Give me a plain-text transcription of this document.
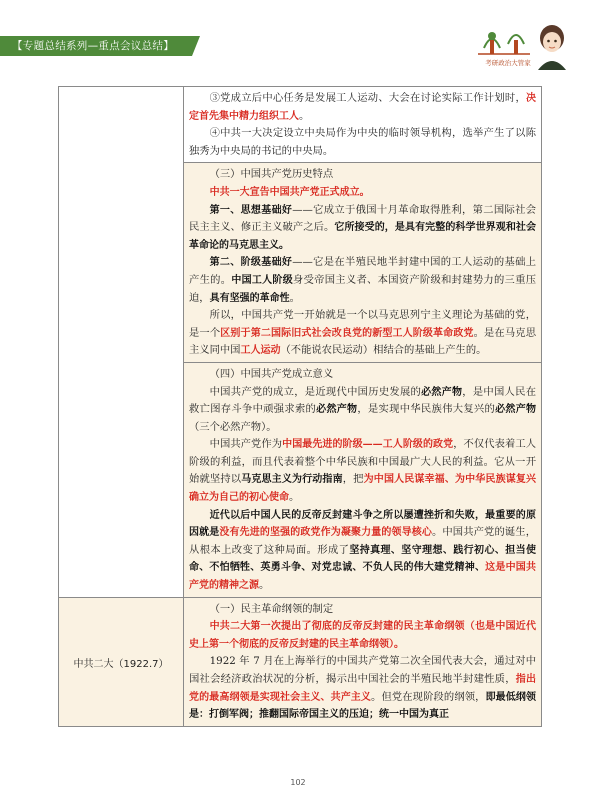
【专题总结系列—重点会议总结】
考研政治大管家

	③党成立后中心任务是发展工人运动、大会在讨论实际工作计划时，决定首先集中精力组织工人。

④中共一大决定设立中央局作为中央的临时领导机构，选举产生了以陈独秀为中央局的书记的中央局。

	（三）中国共产党历史特点

中共一大宣告中国共产党正式成立。

第一、思想基础好——它成立于俄国十月革命取得胜利，第二国际社会民主主义、修正主义破产之后。它所接受的，是具有完整的科学世界观和社会革命论的马克思主义。

第二、阶级基础好——它是在半殖民地半封建中国的工人运动的基础上产生的。中国工人阶级身受帝国主义者、本国资产阶级和封建势力的三重压迫，具有坚强的革命性。

所以，中国共产党一开始就是一个以马克思列宁主义理论为基础的党，是一个区别于第二国际旧式社会改良党的新型工人阶级革命政党。是在马克思主义同中国工人运动（不能说农民运动）相结合的基础上产生的。

	（四）中国共产党成立意义

中国共产党的成立，是近现代中国历史发展的必然产物，是中国人民在救亡图存斗争中顽强求索的必然产物，是实现中华民族伟大复兴的必然产物（三个必然产物）。

中国共产党作为中国最先进的阶级——工人阶级的政党，不仅代表着工人阶级的利益，而且代表着整个中华民族和中国最广大人民的利益。它从一开始就坚持以马克思主义为行动指南，把为中国人民谋幸福、为中华民族谋复兴确立为自己的初心使命。

近代以后中国人民的反帝反封建斗争之所以屡遭挫折和失败，最重要的原因就是没有先进的坚强的政党作为凝聚力量的领导核心。中国共产党的诞生，从根本上改变了这种局面。形成了坚持真理、坚守理想、践行初心、担当使命、不怕牺牲、英勇斗争、对党忠诚、不负人民的伟大建党精神、这是中国共产党的精神之源。

中共二大（1922.7）	（一）民主革命纲领的制定

中共二大第一次提出了彻底的反帝反封建的民主革命纲领（也是中国近代史上第一个彻底的反帝反封建的民主革命纲领）。

1922 年 7 月在上海举行的中国共产党第二次全国代表大会，通过对中国社会经济政治状况的分析，揭示出中国社会的半殖民地半封建性质，指出党的最高纲领是实现社会主义、共产主义。但党在现阶段的纲领，即最低纲领是：打倒军阀；推翻国际帝国主义的压迫；统一中国为真正

102
